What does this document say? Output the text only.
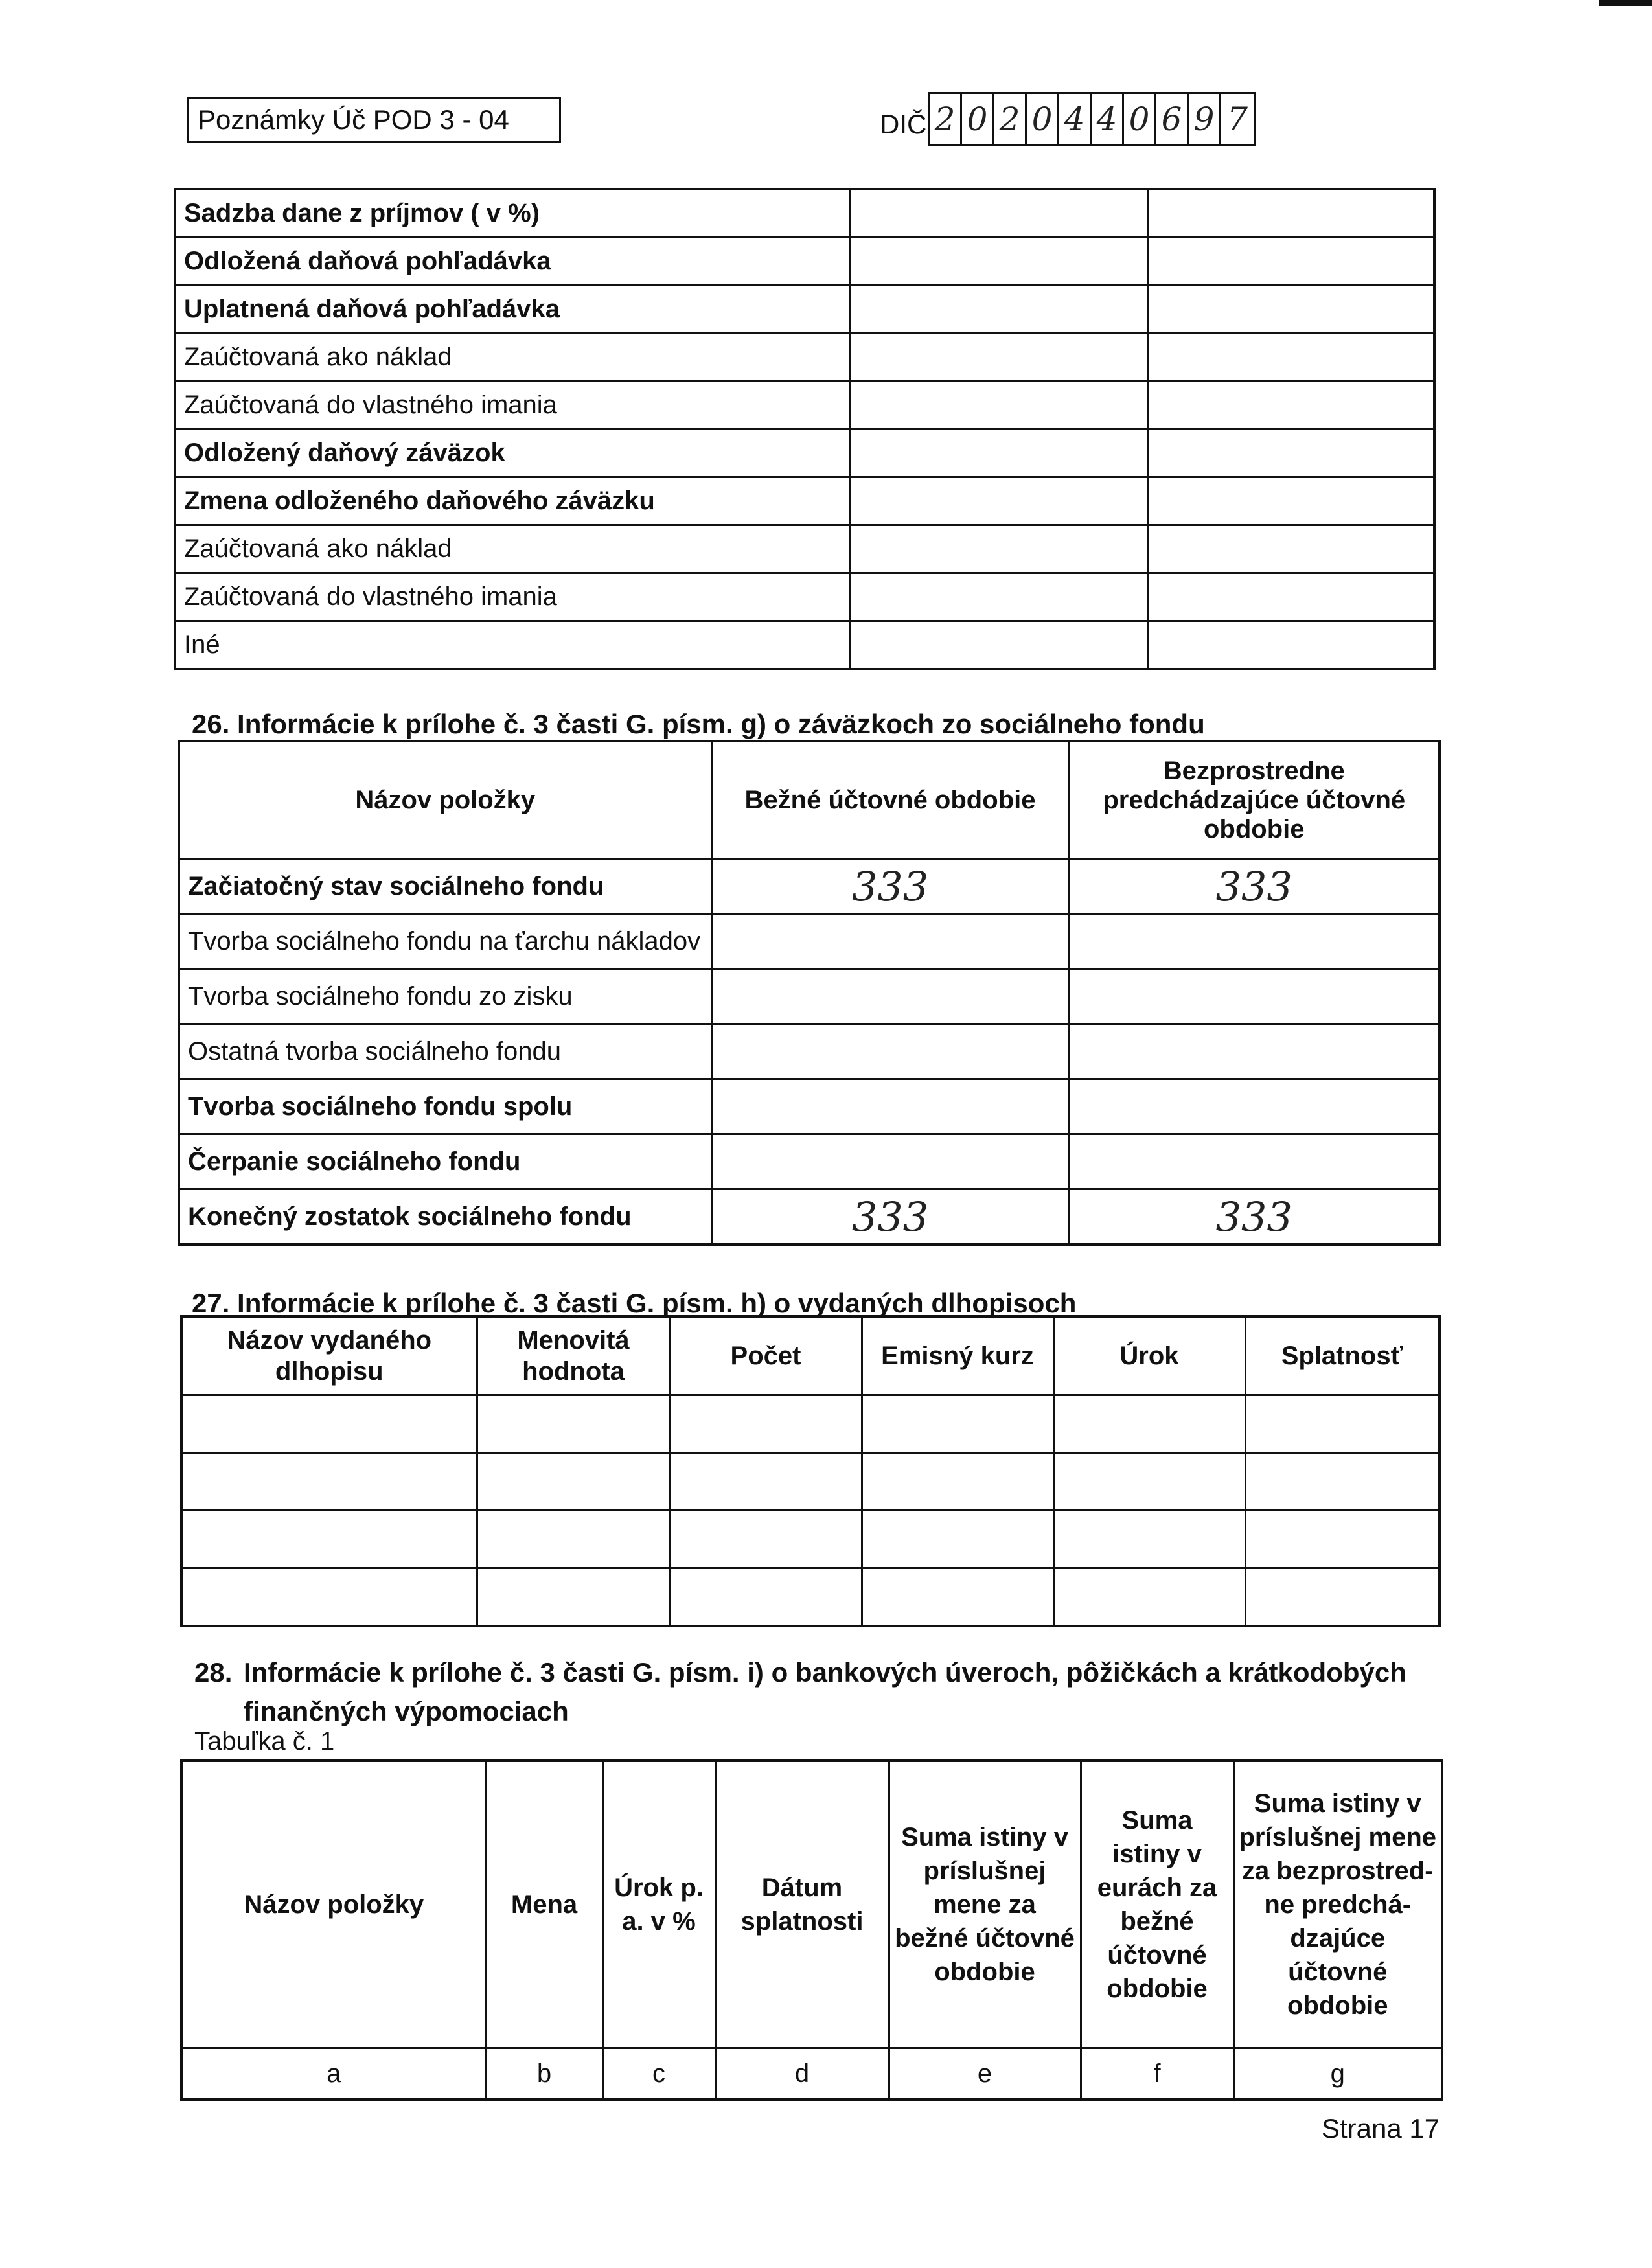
Poznámky Úč POD 3 - 04	DIČ 2 0 2 0 4 4 0 6 9 7
Sadzba dane z príjmov ( v %)		
Odložená daňová pohľadávka		
Uplatnená daňová pohľadávka		
Zaúčtovaná ako náklad		
Zaúčtovaná do vlastného imania		
Odložený daňový záväzok		
Zmena odloženého daňového záväzku		
Zaúčtovaná ako náklad		
Zaúčtovaná do vlastného imania		
Iné		
26. Informácie k prílohe č. 3 časti G. písm. g) o záväzkoch zo sociálneho fondu
Názov položky	Bežné účtovné obdobie	Bezprostredne predchádzajúce účtovné obdobie
Začiatočný stav sociálneho fondu	333	333
Tvorba sociálneho fondu na ťarchu nákladov		
Tvorba sociálneho fondu zo zisku		
Ostatná tvorba sociálneho fondu		
Tvorba sociálneho fondu spolu		
Čerpanie sociálneho fondu		
Konečný zostatok sociálneho fondu	333	333
27. Informácie k prílohe č. 3 časti G. písm. h) o vydaných dlhopisoch
Názov vydaného dlhopisu	Menovitá hodnota	Počet	Emisný kurz	Úrok	Splatnosť

28. Informácie k prílohe č. 3 časti G. písm. i) o bankových úveroch, pôžičkách a krátkodobých
finančných výpomociach
Tabuľka č. 1
Názov položky	Mena	Úrok p. a. v %	Dátum splatnosti	Suma istiny v príslušnej mene za bežné účtovné obdobie	Suma istiny v eurách za bežné účtovné obdobie	Suma istiny v príslušnej mene za bezprostred-ne predchá-dzajúce účtovné obdobie
a	b	c	d	e	f	g
Strana 17
